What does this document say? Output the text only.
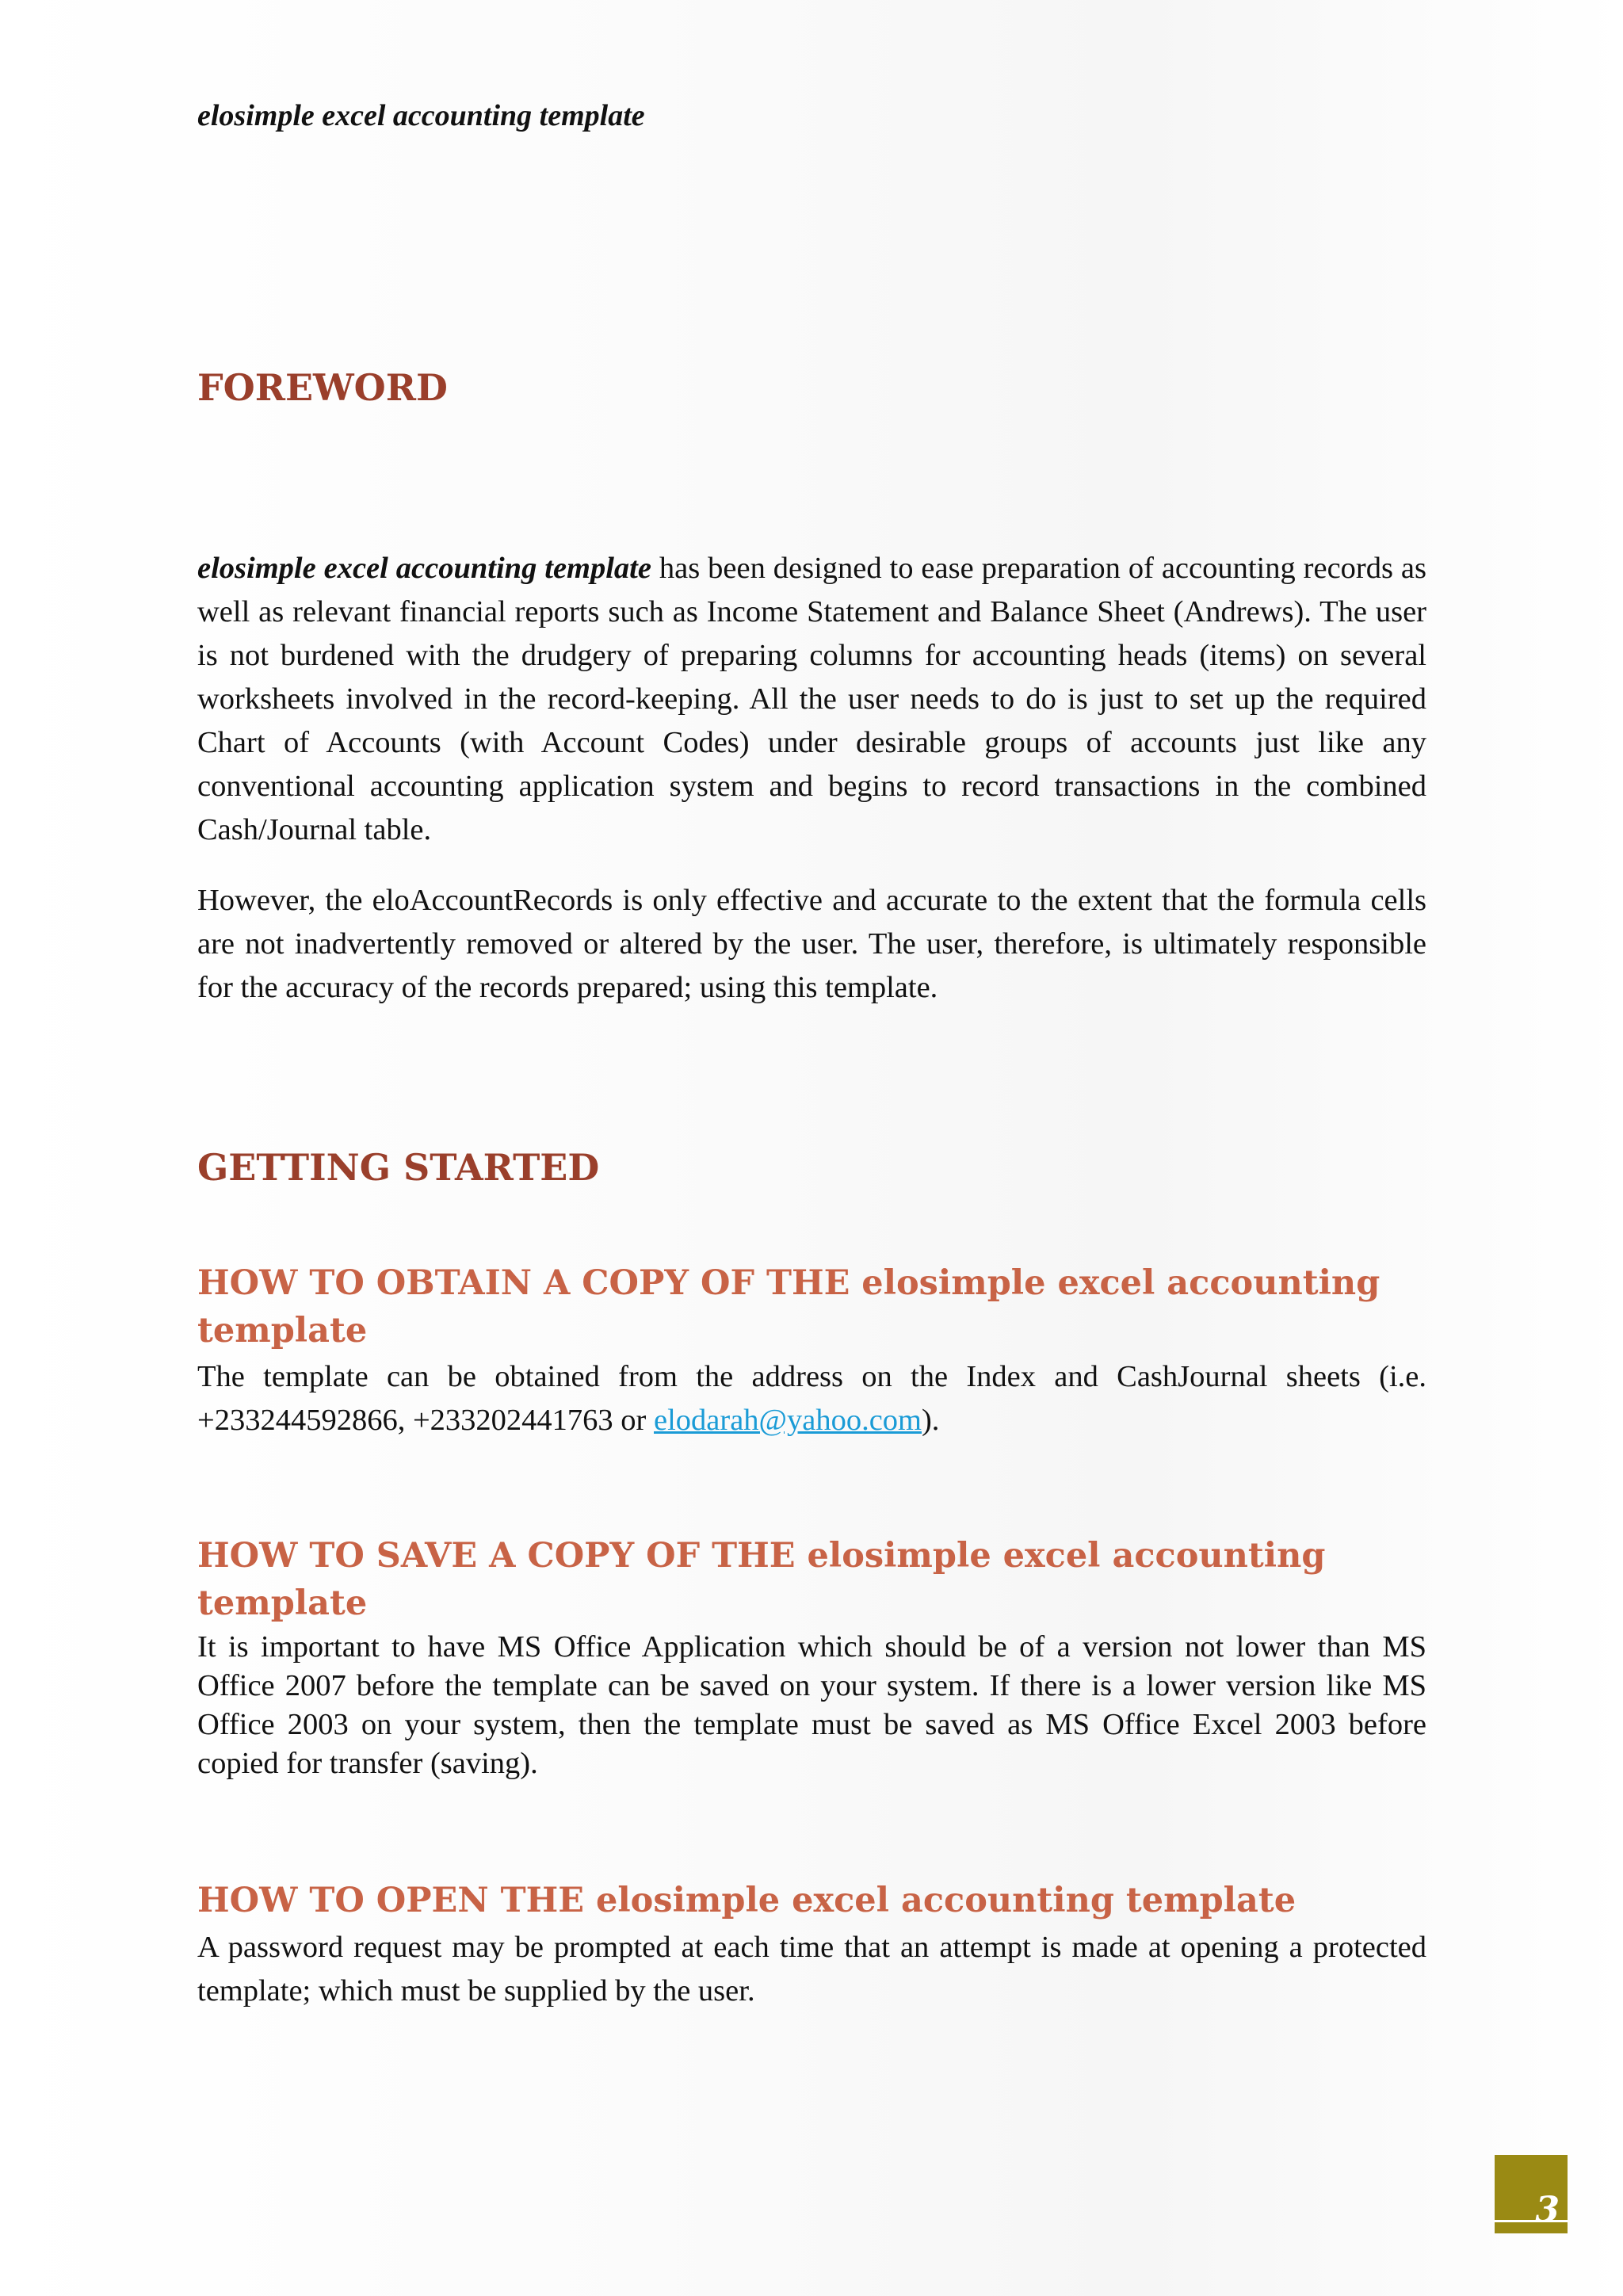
elosimple excel accounting template
FOREWORD

elosimple excel accounting template has been designed to ease preparation of accounting records as well as relevant financial reports such as Income Statement and Balance Sheet (Andrews). The user is not burdened with the drudgery of preparing columns for accounting heads (items) on several worksheets involved in the record-keeping. All the user needs to do is just to set up the required Chart of Accounts (with Account Codes) under desirable groups of accounts just like any conventional accounting application system and begins to record transactions in the combined Cash/Journal table.

However, the eloAccountRecords is only effective and accurate to the extent that the formula cells are not inadvertently removed or altered by the user. The user, therefore, is ultimately responsible for the accuracy of the records prepared; using this template.

GETTING STARTED
HOW TO OBTAIN A COPY OF THE elosimple excel accounting template

The template can be obtained from the address on the Index and CashJournal sheets (i.e. +233244592866, +233202441763 or elodarah@yahoo.com).

HOW TO SAVE A COPY OF THE elosimple excel accounting template

It is important to have MS Office Application which should be of a version not lower than MS Office 2007 before the template can be saved on your system. If there is a lower version like MS Office 2003 on your system, then the template must be saved as MS Office Excel 2003 before copied for transfer (saving).

HOW TO OPEN THE elosimple excel accounting template

A password request may be prompted at each time that an attempt is made at opening a protected template; which must be supplied by the user.

3
